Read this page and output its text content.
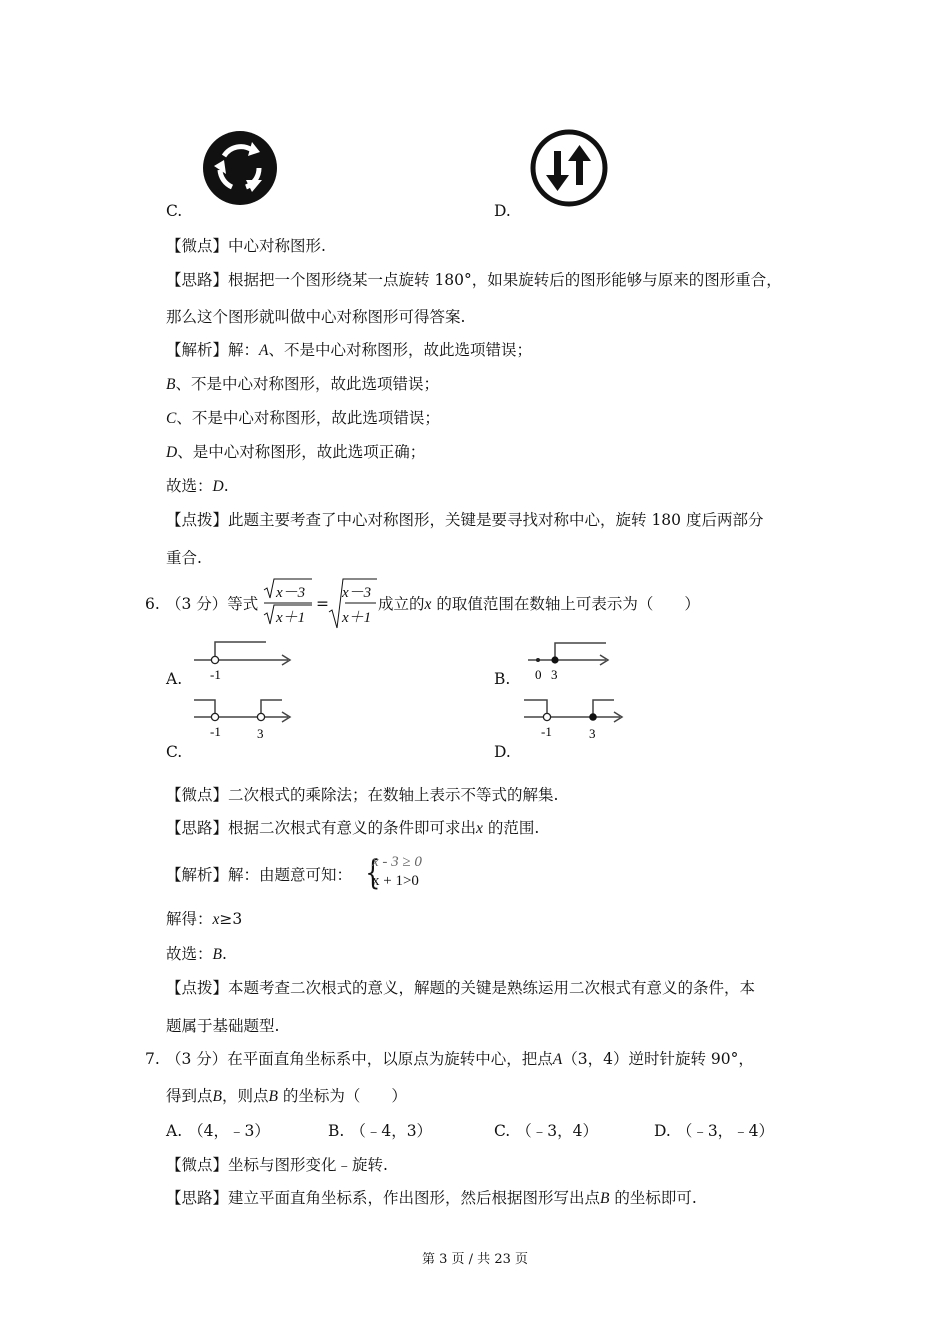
C.	D.
【微点】中心对称图形.
【思路】根据把一个图形绕某一点旋转 180°，如果旋转后的图形能够与原来的图形重合，
那么这个图形就叫做中心对称图形可得答案.
【解析】解：A、不是中心对称图形，故此选项错误；
B、不是中心对称图形，故此选项错误；
C、不是中心对称图形，故此选项错误；
D、是中心对称图形，故此选项正确；
故选：D.
【点拨】此题主要考查了中心对称图形，关键是要寻找对称中心，旋转 180 度后两部分
重合.
6. （3 分）等式
x－3
x＋1
=
x－3
x＋1
成立的x 的取值范围在数轴上可表示为（　　）
-1
A.	0 3
B.
-1	3
C.
-1	3
D.
【微点】二次根式的乘除法；在数轴上表示不等式的解集.
【思路】根据二次根式有意义的条件即可求出x 的范围.
【解析】解：由题意可知： {
x - 3 ≥ 0
x + 1>0
解得：x≥3
故选：B.
【点拨】本题考查二次根式的意义，解题的关键是熟练运用二次根式有意义的条件，本
题属于基础题型.
7. （3 分）在平面直角坐标系中，以原点为旋转中心，把点A（3，4）逆时针旋转 90°，
得到点B，则点B 的坐标为（　　）
A. （4，﹣3）	B. （﹣4，3）	C. （﹣3，4）	D. （﹣3，﹣4）
【微点】坐标与图形变化﹣旋转.
【思路】建立平面直角坐标系，作出图形，然后根据图形写出点B 的坐标即可.
第 3 页 / 共 23 页
